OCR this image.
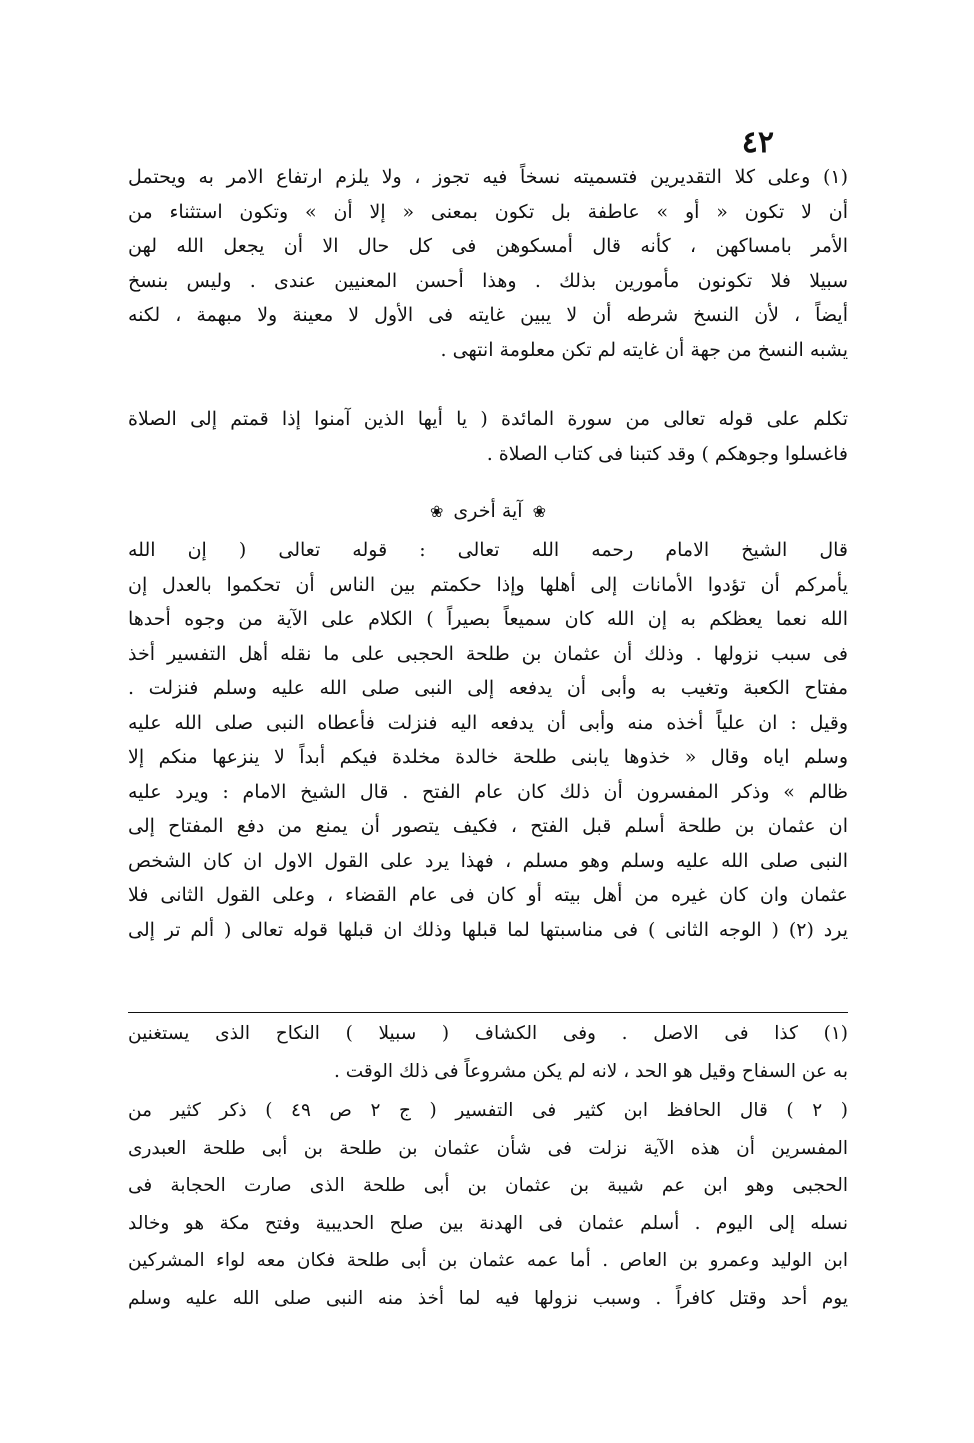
٤٢
(١) وعلى كلا التقديرين فتسميته نسخاً فيه تجوز ، ولا يلزم ارتفاع الامر به ويحتمل
أن لا تكون « أو » عاطفة بل تكون بمعنى « إلا أن » وتكون استثناء من
الأمر بامساكهن ، كأنه قال أمسكوهن فى كل حال الا أن يجعل الله لهن
سبيلا فلا تكونون مأمورين بذلك . وهذا أحسن المعنيين عندى . وليس بنسخ
أيضاً ، لأن النسخ شرطه أن لا يبين غايته فى الأول لا معينة ولا مبهمة ، لكنه
يشبه النسخ من جهة أن غايته لم تكن معلومة انتهى .
تكلم على قوله تعالى من سورة المائدة ( يا أيها الذين آمنوا إذا قمتم إلى الصلاة
فاغسلوا وجوهكم ) وقد كتبنا فى كتاب الصلاة .
❀ آية أخرى ❀
قال الشيخ الامام رحمه الله تعالى : قوله تعالى ( إن الله
يأمركم أن تؤدوا الأمانات إلى أهلها وإذا حكمتم بين الناس أن تحكموا بالعدل إن
الله نعما يعظكم به إن الله كان سميعاً بصيراً ) الكلام على الآية من وجوه أحدها
فى سبب نزولها . وذلك أن عثمان بن طلحة الحجبى على ما نقله أهل التفسير أخذ
مفتاح الكعبة وتغيب به وأبى أن يدفعه إلى النبى صلى الله عليه وسلم فنزلت .
وقيل : ان علياً أخذه منه وأبى أن يدفعه اليه فنزلت فأعطاه النبى صلى الله عليه
وسلم اياه وقال « خذوها يابنى طلحة خالدة مخلدة فيكم أبداً لا ينزعها منكم إلا
ظالم » وذكر المفسرون أن ذلك كان عام الفتح . قال الشيخ الامام : ويرد عليه
ان عثمان بن طلحة أسلم قبل الفتح ، فكيف يتصور أن يمنع من دفع المفتاح إلى
النبى صلى الله عليه وسلم وهو مسلم ، فهذا يرد على القول الاول ان كان الشخص
عثمان وان كان غيره من أهل بيته أو كان فى عام القضاء ، وعلى القول الثانى فلا
يرد (٢) ( الوجه الثانى ) فى مناسبتها لما قبلها وذلك ان قبلها قوله تعالى ( ألم تر إلى
(١) كذا فى الاصل . وفى الكشاف ( سبيلا ) النكاح الذى يستغنين
به عن السفاح وقيل هو الحد ، لانه لم يكن مشروعاً فى ذلك الوقت .
( ٢ ) قال الحافظ ابن كثير فى التفسير ( ج ٢ ص ٤٩ ) ذكر كثير من
المفسرين أن هذه الآية نزلت فى شأن عثمان بن طلحة بن أبى طلحة العبدرى
الحجبى وهو ابن عم شيبة بن عثمان بن أبى طلحة الذى صارت الحجابة فى
نسله إلى اليوم . أسلم عثمان فى الهدنة بين صلح الحديبية وفتح مكة هو وخالد
ابن الوليد وعمرو بن العاص . أما عمه عثمان بن أبى طلحة فكان معه لواء المشركين
يوم أحد وقتل كافراً . وسبب نزولها فيه لما أخذ منه النبى صلى الله عليه وسلم
